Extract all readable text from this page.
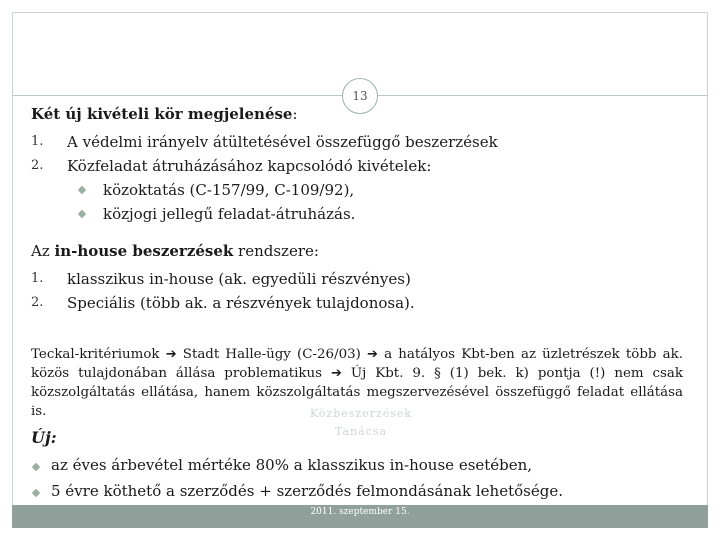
13
Közbeszerzések
Tanácsa
Két új kivételi kör megjelenése:
1. A védelmi irányelv átültetésével összefüggő beszerzések
2. Közfeladat átruházásához kapcsolódó kivételek:
közoktatás (C-157/99, C-109/92),
közjogi jellegű feladat-átruházás.
Az in-house beszerzések rendszere:
1. klasszikus in-house (ak. egyedüli részvényes)
2. Speciális (több ak. a részvények tulajdonosa).
Teckal-kritériumok ➔ Stadt Halle-ügy (C-26/03) ➔ a hatályos Kbt-ben az üzletrészek több ak. közös tulajdonában állása problematikus ➔ Új Kbt. 9. § (1) bek. k) pontja (!) nem csak közszolgáltatás ellátása, hanem közszolgáltatás megszervezésével összefüggő feladat ellátása is.
Új:
az éves árbevétel mértéke 80% a klasszikus in-house esetében,
5 évre köthető a szerződés + szerződés felmondásának lehetősége.
2011. szeptember 15.
